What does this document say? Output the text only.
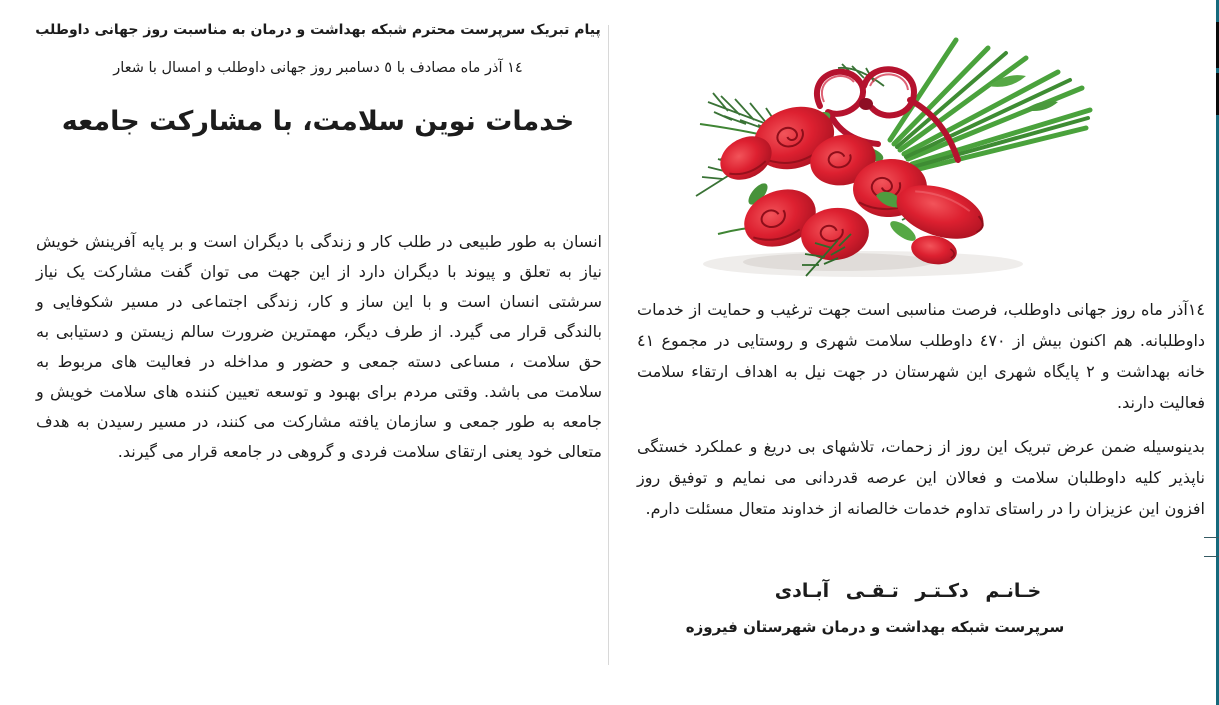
پیام تبریک سرپرست محترم شبکه بهداشت و درمان به مناسبت روز جهانی داوطلب
١٤ آذر ماه مصادف با ٥ دسامبر روز جهانی داوطلب و امسال با شعار
خدمات نوین سلامت، با مشارکت جامعه

انسان به طور طبیعی در طلب کار و زندگی با دیگران است و بر پایه آفرینش خویش نیاز به تعلق و پیوند با دیگران دارد از این جهت می توان گفت مشارکت یک نیاز سرشتی انسان است و با این ساز و کار، زندگی اجتماعی در مسیر شکوفایی و بالندگی قرار می گیرد. از طرف دیگر، مهمترین ضرورت سالم زیستن و دستیابی به حق سلامت ، مساعی دسته جمعی و حضور و مداخله در فعالیت های مربوط به سلامت می باشد. وقتی مردم برای بهبود و توسعه تعیین کننده های سلامت خویش و جامعه به طور جمعی و سازمان یافته مشارکت می کنند، در مسیر رسیدن به هدف متعالی خود یعنی ارتقای سلامت فردی و گروهی در جامعه قرار می گیرند.

١٤آذر ماه روز جهانی داوطلب، فرصت مناسبی است جهت ترغیب و حمایت از خدمات داوطلبانه. هم اکنون بیش از ٤٧٠ داوطلب سلامت شهری و روستایی در مجموع ٤١ خانه بهداشت و ٢ پایگاه شهری این شهرستان در جهت نیل به اهداف ارتقاء سلامت فعالیت دارند.

بدینوسیله ضمن عرض تبریک این روز از زحمات، تلاشهای بی دریغ و عملکرد خستگی ناپذیر کلیه داوطلبان سلامت و فعالان این عرصه قدردانی می نمایم و توفیق روز افزون این عزیزان را در راستای تداوم خدمات خالصانه از خداوند متعال مسئلت دارم.

خـانـم دکـتـر تـقـی آبـادی
سرپرست شبکه بهداشت و درمان شهرستان فیروزه
